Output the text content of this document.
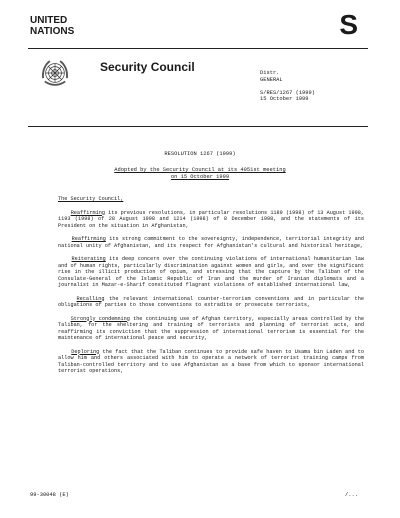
UNITED
NATIONS	S
Security Council	Distr.
GENERAL
S/RES/1267 (1999)
15 October 1999
RESOLUTION 1267 (1999)
Adopted by the Security Council at its 4051st meeting
on 15 October 1999

The Security Council,

Reaffirming its previous resolutions, in particular resolutions 1189 (1998) of 13 August 1998, 1193 (1998) of 28 August 1998 and 1214 (1998) of 8 December 1998, and the statements of its President on the situation in Afghanistan,

Reaffirming its strong commitment to the sovereignty, independence, territorial integrity and national unity of Afghanistan, and its respect for Afghanistan's cultural and historical heritage,

Reiterating its deep concern over the continuing violations of international humanitarian law and of human rights, particularly discrimination against women and girls, and over the significant rise in the illicit production of opium, and stressing that the capture by the Taliban of the Consulate-General of the Islamic Republic of Iran and the murder of Iranian diplomats and a journalist in Mazar-e-Sharif constituted flagrant violations of established international law,

Recalling the relevant international counter-terrorism conventions and in particular the obligations of parties to those conventions to extradite or prosecute terrorists,

Strongly condemning the continuing use of Afghan territory, especially areas controlled by the Taliban, for the sheltering and training of terrorists and planning of terrorist acts, and reaffirming its conviction that the suppression of international terrorism is essential for the maintenance of international peace and security,

Deploring the fact that the Taliban continues to provide safe haven to Usama bin Laden and to allow him and others associated with him to operate a network of terrorist training camps from Taliban-controlled territory and to use Afghanistan as a base from which to sponsor international terrorist operations,

99-30048 (E)	/...
